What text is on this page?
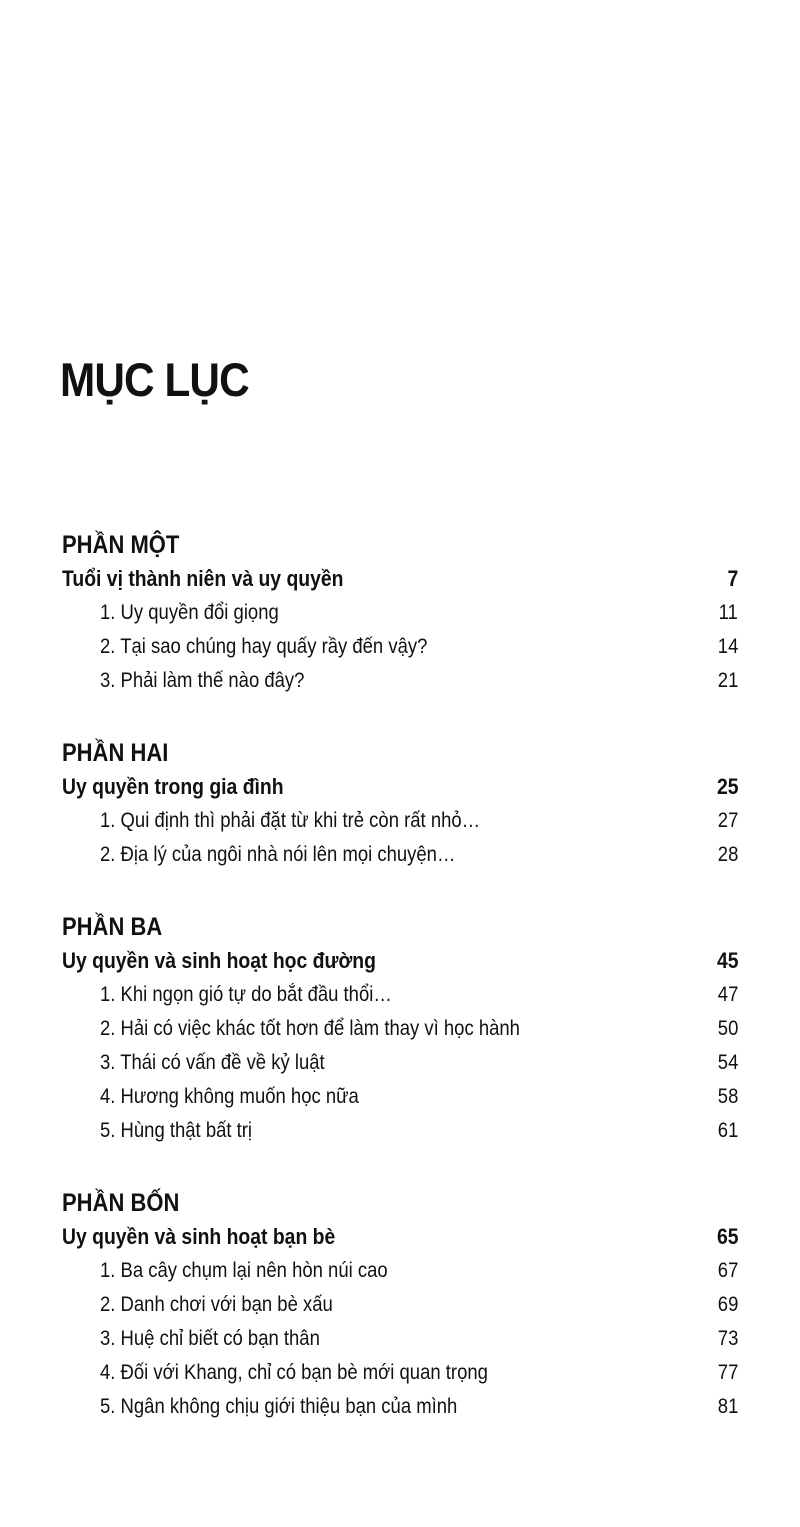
MỤC LỤC
PHẦN MỘT
Tuổi vị thành niên và uy quyền	7
1. Uy quyền đổi giọng	11
2. Tại sao chúng hay quấy rầy đến vậy?	14
3. Phải làm thế nào đây?	21
PHẦN HAI
Uy quyền trong gia đình	25
1. Qui định thì phải đặt từ khi trẻ còn rất nhỏ…	27
2. Địa lý của ngôi nhà nói lên mọi chuyện…	28
PHẦN BA
Uy quyền và sinh hoạt học đường	45
1. Khi ngọn gió tự do bắt đầu thổi…	47
2. Hải có việc khác tốt hơn để làm thay vì học hành	50
3. Thái có vấn đề về kỷ luật	54
4. Hương không muốn học nữa	58
5. Hùng thật bất trị	61
PHẦN BỐN
Uy quyền và sinh hoạt bạn bè	65
1. Ba cây chụm lại nên hòn núi cao	67
2. Danh chơi với bạn bè xấu	69
3. Huệ chỉ biết có bạn thân	73
4. Đối với Khang, chỉ có bạn bè mới quan trọng	77
5. Ngân không chịu giới thiệu bạn của mình	81
